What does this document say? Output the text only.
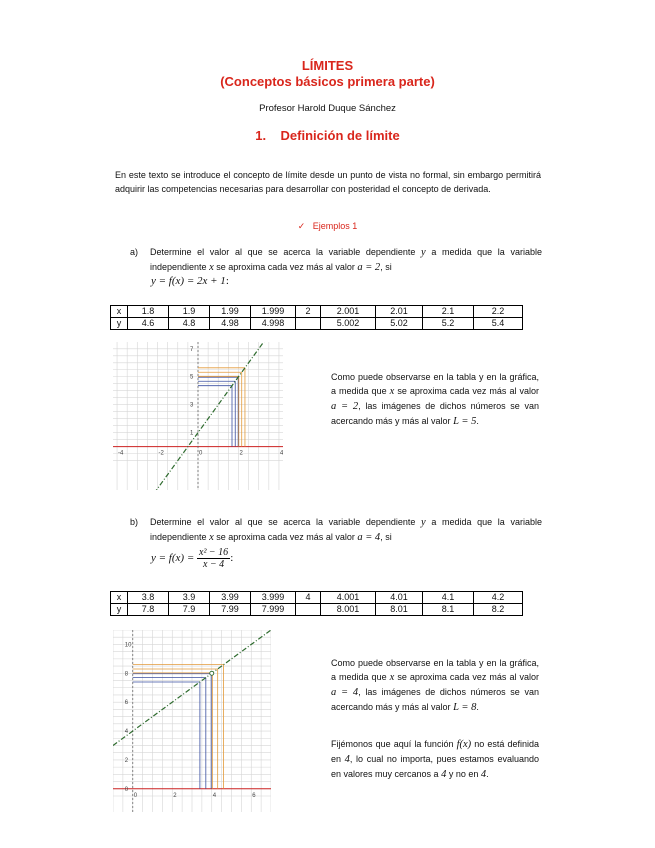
LÍMITES
(Conceptos básicos primera parte)
Profesor Harold Duque Sánchez
1. Definición de límite
En este texto se introduce el concepto de límite desde un punto de vista no formal, sin embargo permitirá adquirir las competencias necesarias para desarrollar con posteridad el concepto de derivada.
✓ Ejemplos 1
a) Determine el valor al que se acerca la variable dependiente y a medida que la variable independiente x se aproxima cada vez más al valor a = 2, si
y = f(x) = 2x + 1:
x	1.8	1.9	1.99	1.999	2	2.001	2.01	2.1	2.2
y	4.6	4.8	4.98	4.998		5.002	5.02	5.2	5.4
-4	-2	0	2	4
7
5
3
1
Como puede observarse en la tabla y en la gráfica, a medida que x se aproxima cada vez más al valor a = 2, las imágenes de dichos números se van acercando más y más al valor L = 5.
b) Determine el valor al que se acerca la variable dependiente y a medida que la variable independiente x se aproxima cada vez más al valor a = 4, si
$y = f(x) = \frac{\text{x² − 16}}{x - 4}$ :
x	3.8	3.9	3.99	3.999	4	4.001	4.01	4.1	4.2
y	7.8	7.9	7.99	7.999		8.001	8.01	8.1	8.2
0	2	4	6
10
8
6
4
2
0
Como puede observarse en la tabla y en la gráfica, a medida que x se aproxima cada vez más al valor a = 4, las imágenes de dichos números se van acercando más y más al valor L = 8.
Fijémonos que aquí la función f(x) no está definida en 4, lo cual no importa, pues estamos evaluando en valores muy cercanos a 4 y no en 4.
